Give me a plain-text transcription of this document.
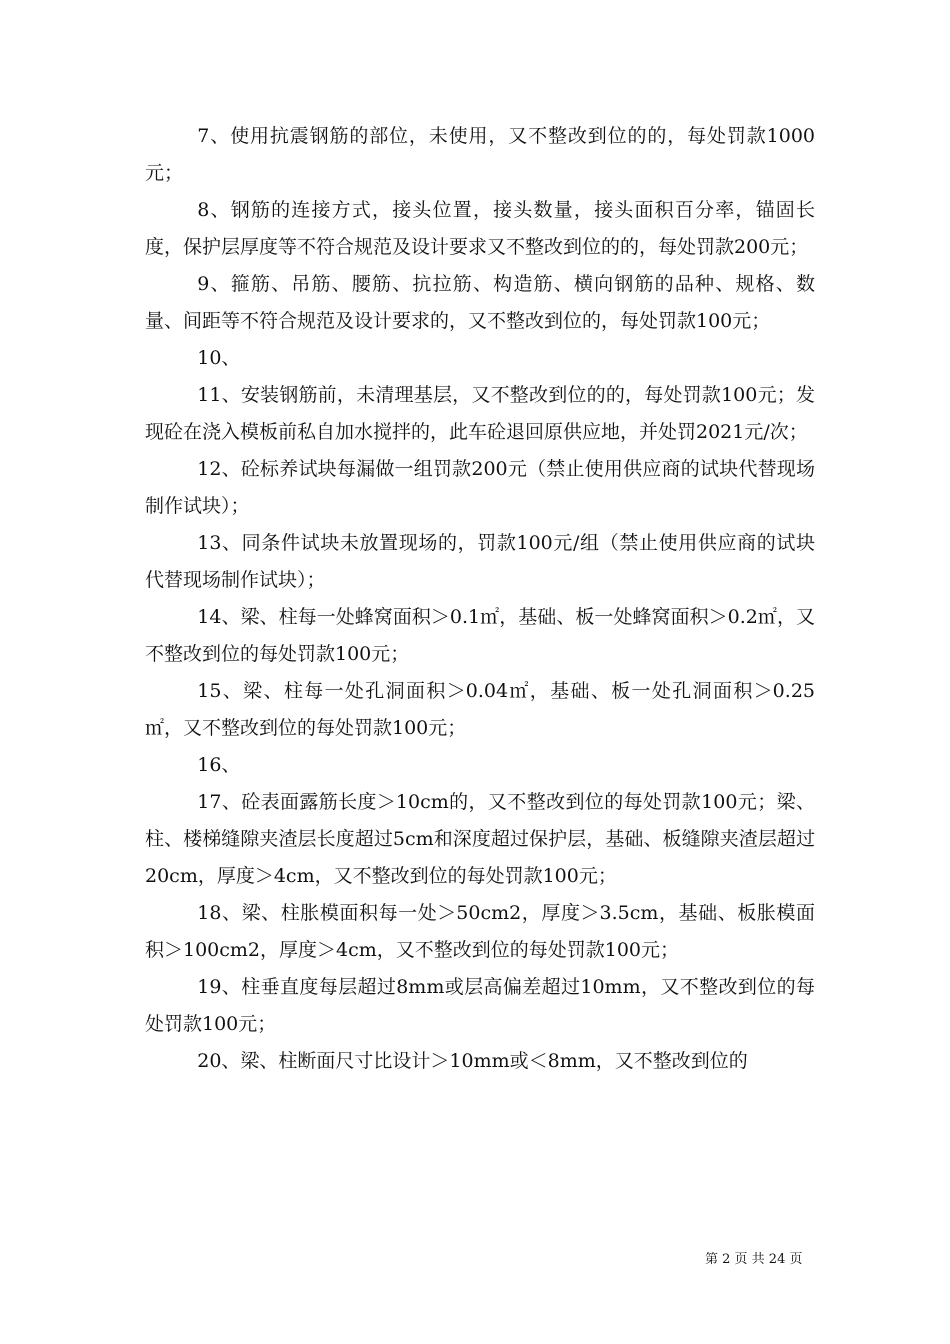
7、使用抗震钢筋的部位，未使用，又不整改到位的的，每处罚款1000元；

8、钢筋的连接方式，接头位置，接头数量，接头面积百分率，锚固长度，保护层厚度等不符合规范及设计要求又不整改到位的的，每处罚款200元；

9、箍筋、吊筋、腰筋、抗拉筋、构造筋、横向钢筋的品种、规格、数量、间距等不符合规范及设计要求的，又不整改到位的，每处罚款100元；

10、

11、安装钢筋前，未清理基层，又不整改到位的的，每处罚款100元；发现砼在浇入模板前私自加水搅拌的，此车砼退回原供应地，并处罚2021元/次；

12、砼标养试块每漏做一组罚款200元（禁止使用供应商的试块代替现场制作试块）；

13、同条件试块未放置现场的，罚款100元/组（禁止使用供应商的试块代替现场制作试块）；

14、梁、柱每一处蜂窝面积＞0.1㎡，基础、板一处蜂窝面积＞0.2㎡，又不整改到位的每处罚款100元；

15、梁、柱每一处孔洞面积＞0.04㎡，基础、板一处孔洞面积＞0.25㎡，又不整改到位的每处罚款100元；

16、

17、砼表面露筋长度＞10cm的，又不整改到位的每处罚款100元；梁、柱、楼梯缝隙夹渣层长度超过5cm和深度超过保护层，基础、板缝隙夹渣层超过20cm，厚度＞4cm，又不整改到位的每处罚款100元；

18、梁、柱胀模面积每一处＞50cm2，厚度＞3.5cm，基础、板胀模面积＞100cm2，厚度＞4cm，又不整改到位的每处罚款100元；

19、柱垂直度每层超过8mm或层高偏差超过10mm，又不整改到位的每处罚款100元；

20、梁、柱断面尺寸比设计＞10mm或＜8mm，又不整改到位的

第 2 页 共 24 页
